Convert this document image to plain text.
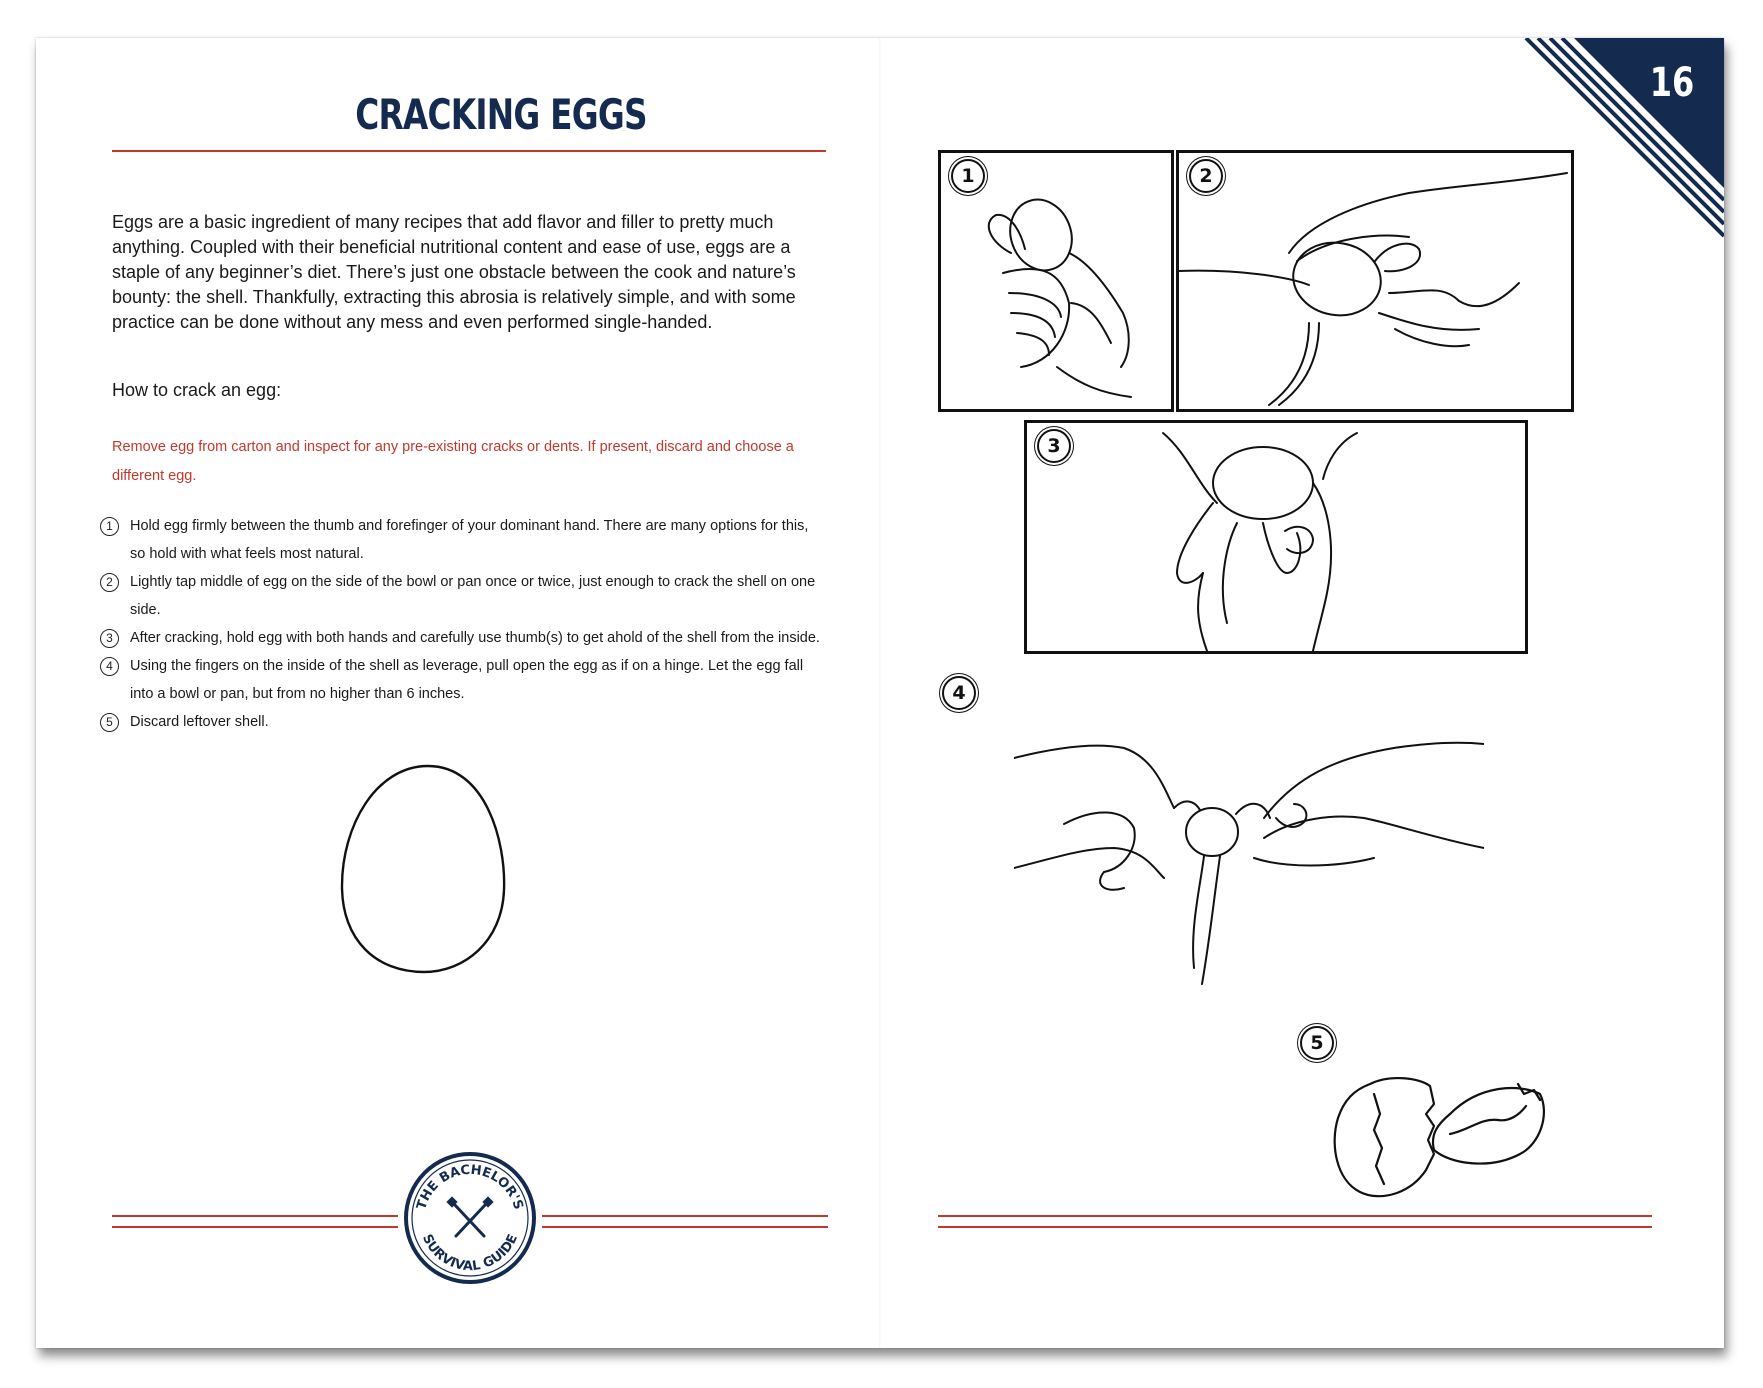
CRACKING EGGS
Eggs are a basic ingredient of many recipes that add flavor and filler to pretty much anything. Coupled with their beneficial nutritional content and ease of use, eggs are a staple of any beginner’s diet. There’s just one obstacle between the cook and nature’s bounty: the shell. Thankfully, extracting this abrosia is relatively simple, and with some practice can be done without any mess and even performed single-handed.
How to crack an egg:
Remove egg from carton and inspect for any pre-existing cracks or dents. If present, discard and choose a different egg.
1	Hold egg firmly between the thumb and forefinger of your dominant hand. There are many options for this, so hold with what feels most natural.
2	Lightly tap middle of egg on the side of the bowl or pan once or twice, just enough to crack the shell on one side.
3	After cracking, hold egg with both hands and carefully use thumb(s) to get ahold of the shell from the inside.
4	Using the fingers on the inside of the shell as leverage, pull open the egg as if on a hinge. Let the egg fall into a bowl or pan, but from no higher than 6 inches.
5	Discard leftover shell.
THE BACHELOR'S
SURVIVAL GUIDE
16
1	2
3
4
5
